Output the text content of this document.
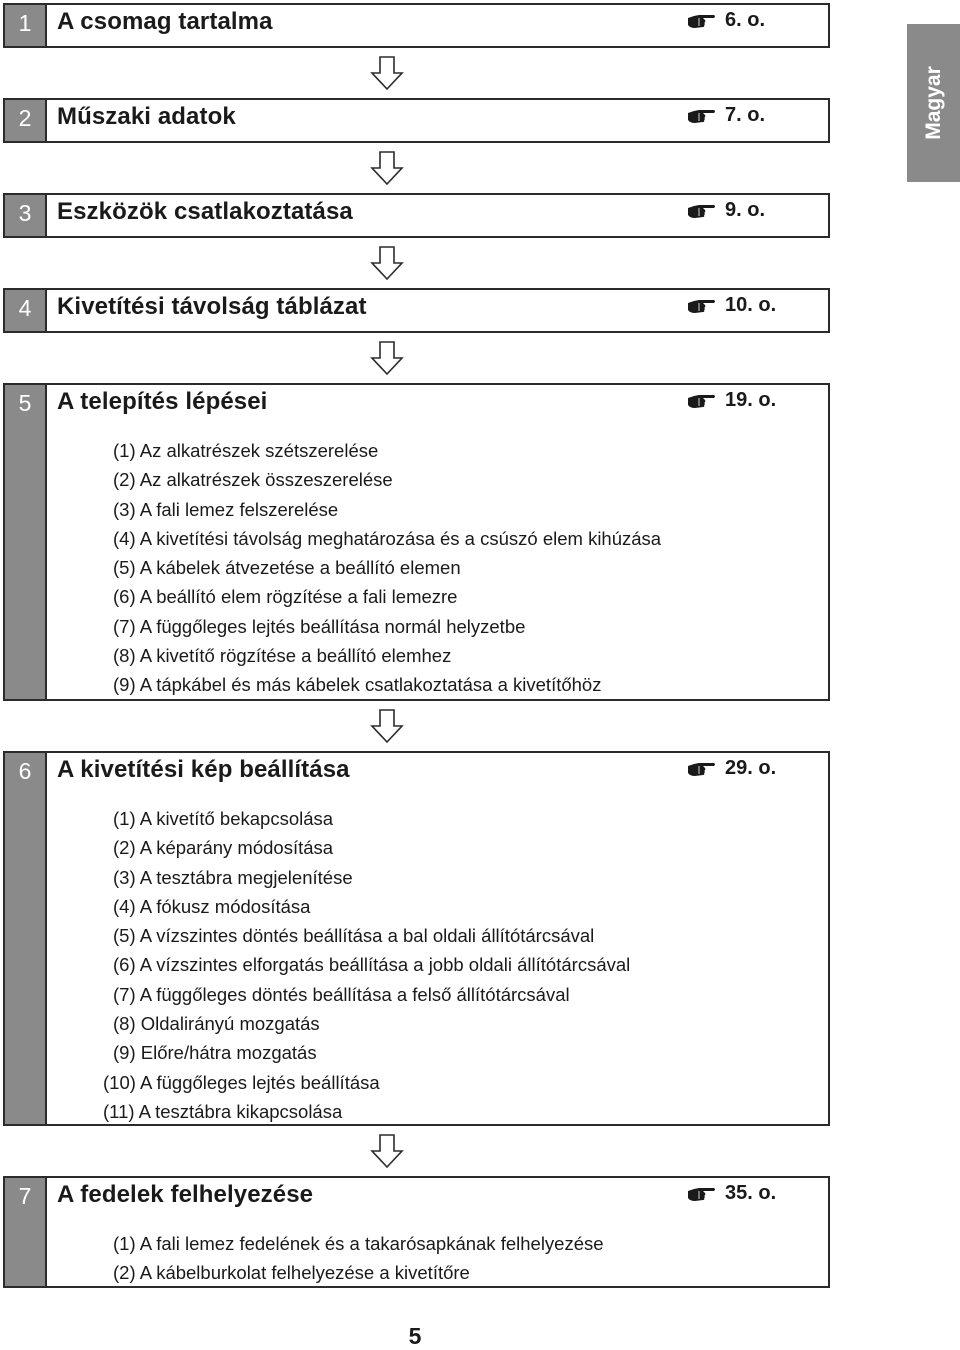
Magyar
1	A csomag tartalma	6. o.
2	Műszaki adatok	7. o.
3	Eszközök csatlakoztatása	9. o.
4	Kivetítési távolság táblázat	10. o.
5	A telepítés lépései	19. o.
(1) Az alkatrészek szétszerelése
(2) Az alkatrészek összeszerelése
(3) A fali lemez felszerelése
(4) A kivetítési távolság meghatározása és a csúszó elem kihúzása
(5) A kábelek átvezetése a beállító elemen
(6) A beállító elem rögzítése a fali lemezre
(7) A függőleges lejtés beállítása normál helyzetbe
(8) A kivetítő rögzítése a beállító elemhez
(9) A tápkábel és más kábelek csatlakoztatása a kivetítőhöz
6	A kivetítési kép beállítása	29. o.
(1) A kivetítő bekapcsolása
(2) A képarány módosítása
(3) A tesztábra megjelenítése
(4) A fókusz módosítása
(5) A vízszintes döntés beállítása a bal oldali állítótárcsával
(6) A vízszintes elforgatás beállítása a jobb oldali állítótárcsával
(7) A függőleges döntés beállítása a felső állítótárcsával
(8) Oldalirányú mozgatás
(9) Előre/hátra mozgatás
(10) A függőleges lejtés beállítása
(11) A tesztábra kikapcsolása
7	A fedelek felhelyezése	35. o.
(1) A fali lemez fedelének és a takarósapkának felhelyezése
(2) A kábelburkolat felhelyezése a kivetítőre
5
